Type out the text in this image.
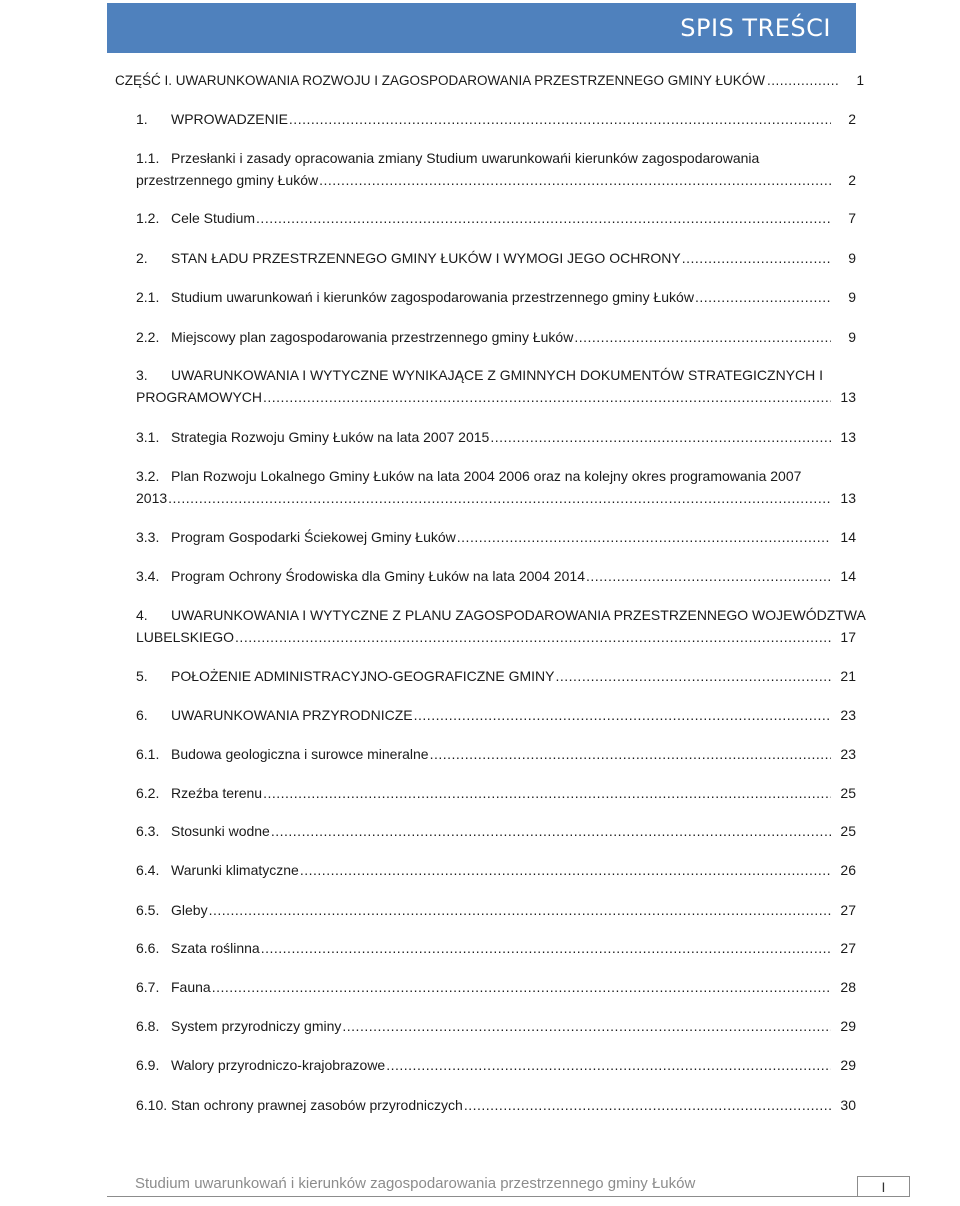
SPIS TREŚCI
CZĘŚĆ I. UWARUNKOWANIA ROZWOJU I ZAGOSPODAROWANIA PRZESTRZENNEGO GMINY ŁUKÓW .....	1
1.	WPROWADZENIE .....	2
1.1. Przesłanki i zasady opracowania zmiany Studium uwarunkowańi kierunków zagospodarowania
przestrzennego gminy Łuków .....	2
1.2. Cele Studium .....	7
2.	STAN ŁADU PRZESTRZENNEGO GMINY ŁUKÓW I WYMOGI JEGO OCHRONY .....	9
2.1. Studium uwarunkowań i kierunków zagospodarowania przestrzennego gminy Łuków .....	9
2.2. Miejscowy plan zagospodarowania przestrzennego gminy Łuków .....	9
3. UWARUNKOWANIA I WYTYCZNE WYNIKAJĄCE Z GMINNYCH DOKUMENTÓW STRATEGICZNYCH I
PROGRAMOWYCH .....	13
3.1. Strategia Rozwoju Gminy Łuków na lata 2007 2015 .....	13
3.2. Plan Rozwoju Lokalnego Gminy Łuków na lata 2004 2006 oraz na kolejny okres programowania 2007
2013 .....	13
3.3. Program Gospodarki Ściekowej Gminy Łuków .....	14
3.4. Program Ochrony Środowiska dla Gminy Łuków na lata 2004 2014 .....	14
4. UWARUNKOWANIA I WYTYCZNE Z PLANU ZAGOSPODAROWANIA PRZESTRZENNEGO WOJEWÓDZTWA
LUBELSKIEGO .....	17
5.	POŁOŻENIE ADMINISTRACYJNO-GEOGRAFICZNE GMINY .....	21
6.	UWARUNKOWANIA PRZYRODNICZE .....	23
6.1. Budowa geologiczna i surowce mineralne .....	23
6.2. Rzeźba terenu .....	25
6.3. Stosunki wodne .....	25
6.4. Warunki klimatyczne .....	26
6.5. Gleby .....	27
6.6. Szata roślinna .....	27
6.7. Fauna .....	28
6.8. System przyrodniczy gminy .....	29
6.9. Walory przyrodniczo-krajobrazowe .....	29
6.10. Stan ochrony prawnej zasobów przyrodniczych .....	30
Studium uwarunkowań i kierunków zagospodarowania przestrzennego gminy Łuków	I
